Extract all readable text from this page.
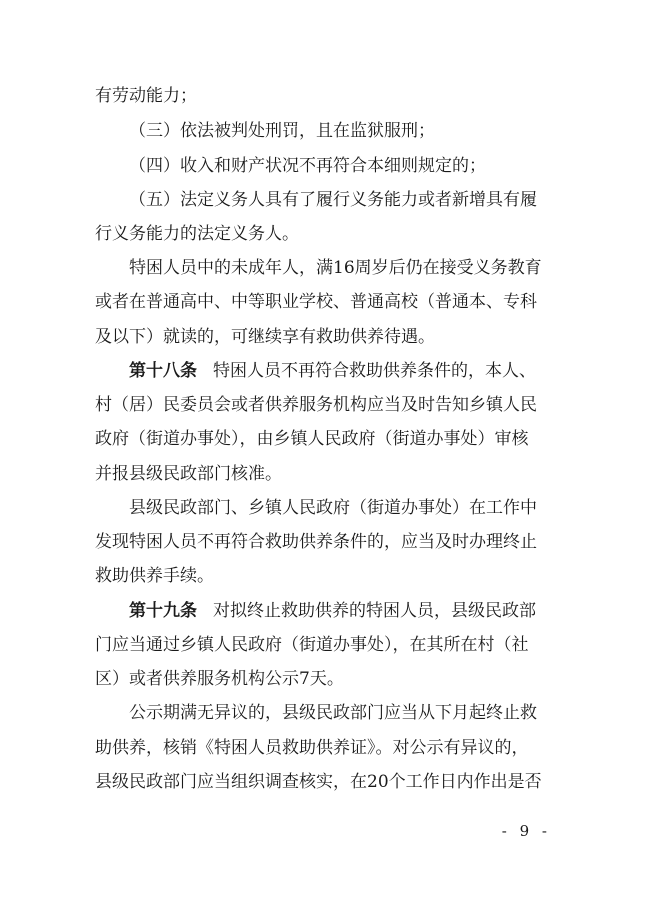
有劳动能力；
（三）依法被判处刑罚，且在监狱服刑；
（四）收入和财产状况不再符合本细则规定的；
（五）法定义务人具有了履行义务能力或者新增具有履
行义务能力的法定义务人。
特困人员中的未成年人，满16周岁后仍在接受义务教育
或者在普通高中、中等职业学校、普通高校（普通本、专科
及以下）就读的，可继续享有救助供养待遇。
第十八条 特困人员不再符合救助供养条件的，本人、
村（居）民委员会或者供养服务机构应当及时告知乡镇人民
政府（街道办事处），由乡镇人民政府（街道办事处）审核
并报县级民政部门核准。
县级民政部门、乡镇人民政府（街道办事处）在工作中
发现特困人员不再符合救助供养条件的，应当及时办理终止
救助供养手续。
第十九条 对拟终止救助供养的特困人员，县级民政部
门应当通过乡镇人民政府（街道办事处），在其所在村（社
区）或者供养服务机构公示7天。
公示期满无异议的，县级民政部门应当从下月起终止救
助供养，核销《特困人员救助供养证》。对公示有异议的，
县级民政部门应当组织调查核实，在20个工作日内作出是否
- 9 -
